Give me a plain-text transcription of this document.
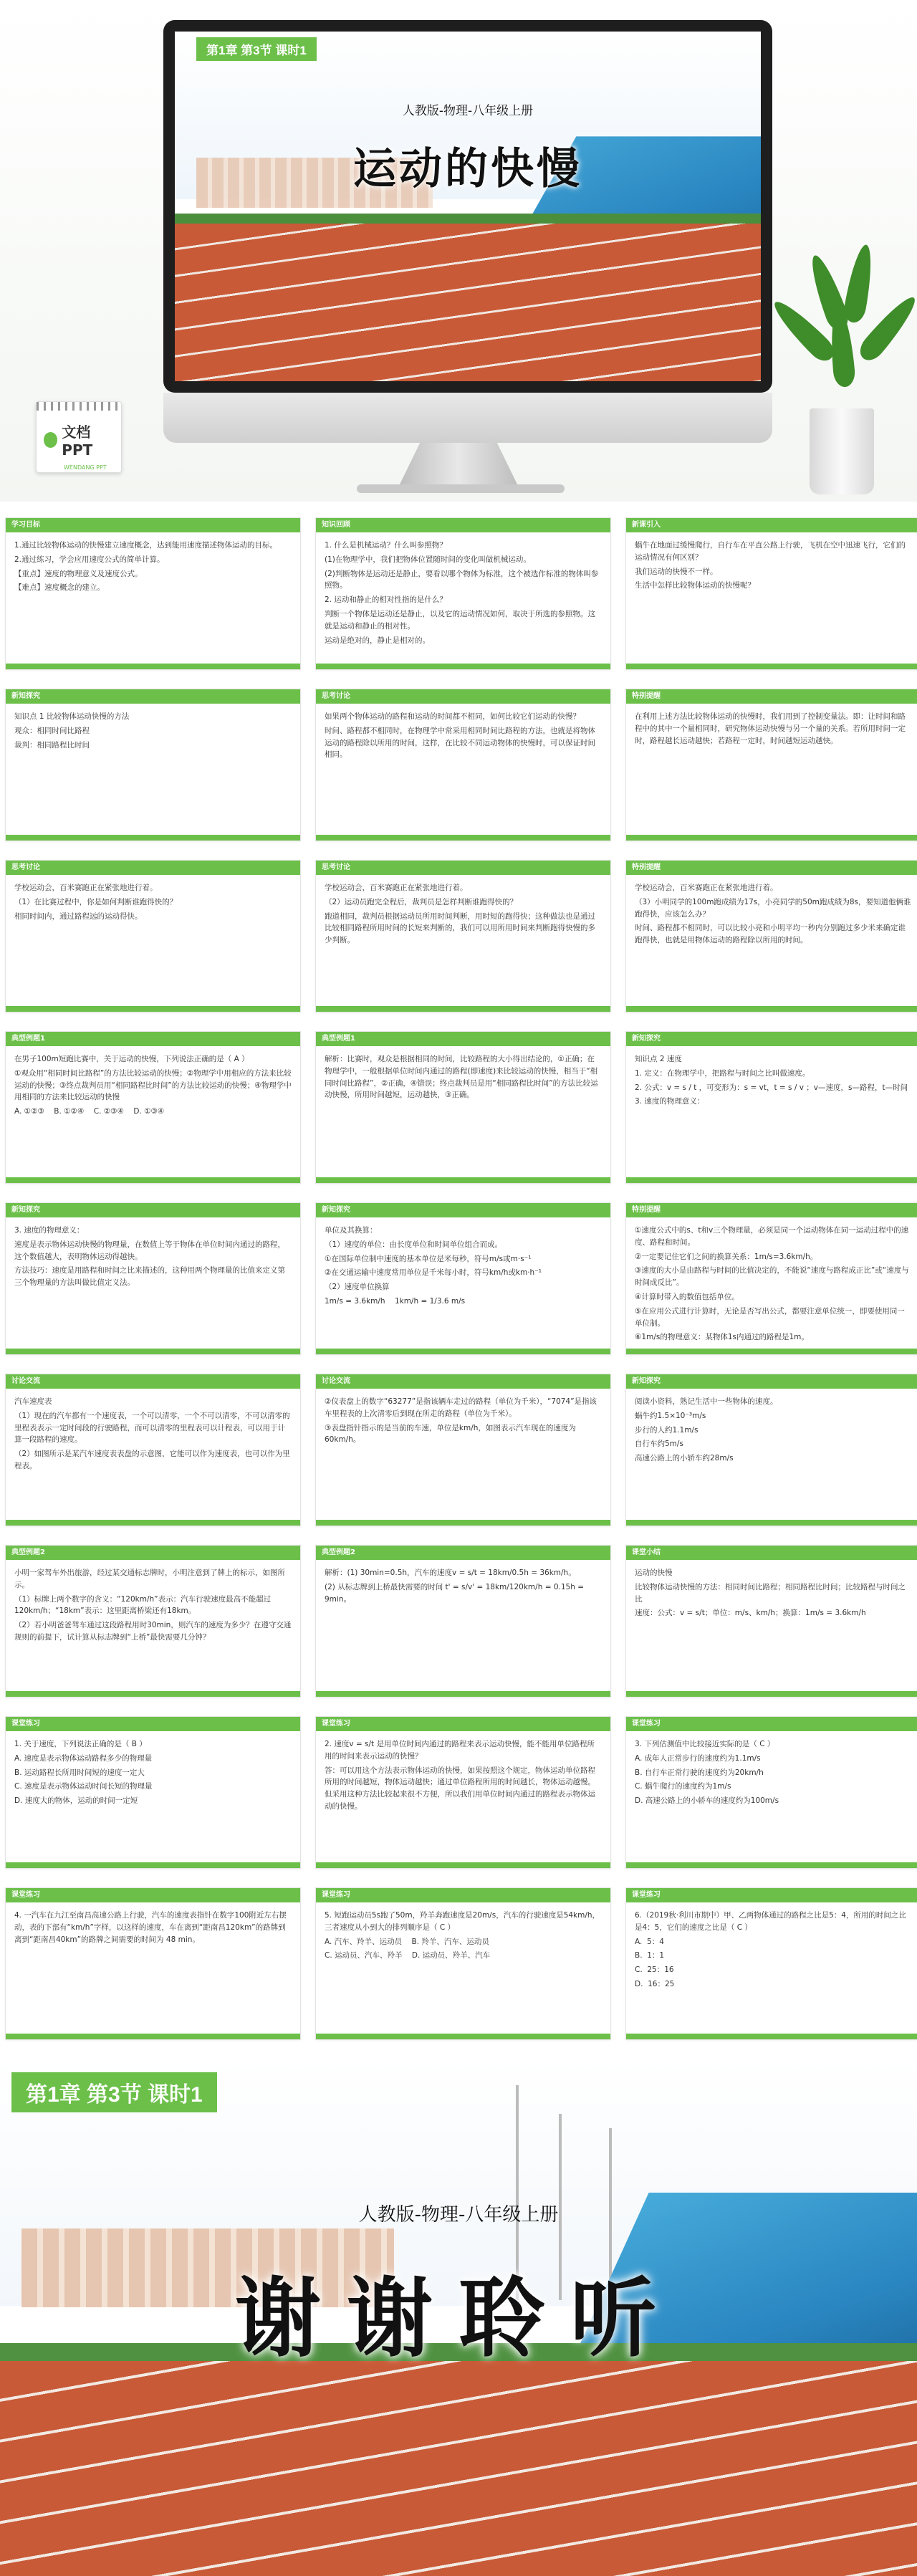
第1章 第3节 课时1
人教版-物理-八年级上册
运动的快慢
文档PPT
WENDANG PPT
学习目标

1.通过比较物体运动的快慢建立速度概念，达到能用速度描述物体运动的目标。

2.通过练习，学会应用速度公式的简单计算。

【重点】速度的物理意义及速度公式。

【难点】速度概念的建立。

知识回顾

1. 什么是机械运动？什么叫参照物？

(1)在物理学中，我们把物体位置随时间的变化叫做机械运动。

(2)判断物体是运动还是静止，要看以哪个物体为标准，这个被选作标准的物体叫参照物。

2. 运动和静止的相对性指的是什么？

判断一个物体是运动还是静止，以及它的运动情况如何，取决于所选的参照物。这就是运动和静止的相对性。

运动是绝对的，静止是相对的。

新课引入

蜗牛在地面过缓慢爬行，自行车在平直公路上行驶，飞机在空中迅速飞行，它们的运动情况有何区别？

我们运动的快慢不一样。

生活中怎样比较物体运动的快慢呢？

新知探究

知识点 1 比较物体运动快慢的方法

观众：相同时间比路程

裁判：相同路程比时间

思考讨论

如果两个物体运动的路程和运动的时间都不相同，如何比较它们运动的快慢？

时间、路程都不相同时，在物理学中常采用相同时间比路程的方法，也就是将物体运动的路程除以所用的时间，这样，在比较不同运动物体的快慢时，可以保证时间相同。

特别提醒

在利用上述方法比较物体运动的快慢时，我们用到了控制变量法。即：让时间和路程中的其中一个量相同时，研究物体运动快慢与另一个量的关系。若所用时间一定时，路程越长运动越快；若路程一定时，时间越短运动越快。

思考讨论

学校运动会，百米赛跑正在紧张地进行着。

（1）在比赛过程中，你是如何判断谁跑得快的？

相同时间内，通过路程远的运动得快。

思考讨论

学校运动会，百米赛跑正在紧张地进行着。

（2）运动员跑完全程后，裁判员是怎样判断谁跑得快的？

跑道相同，裁判员根据运动员所用时间判断，用时短的跑得快；这种做法也是通过比较相同路程所用时间的长短来判断的，我们可以用所用时间来判断跑得快慢的多少判断。

特别提醒

学校运动会，百米赛跑正在紧张地进行着。

（3）小明同学的100m跑成绩为17s，小亮同学的50m跑成绩为8s，要知道他俩谁跑得快，应该怎么办？

时间、路程都不相同时，可以比较小亮和小明平均一秒内分别跑过多少米来确定谁跑得快，也就是用物体运动的路程除以所用的时间。

典型例题1

在男子100m短跑比赛中，关于运动的快慢，下列说法正确的是（ A ）

①观众用“相同时间比路程”的方法比较运动的快慢；②物理学中用相应的方法来比较运动的快慢；③终点裁判员用“相同路程比时间”的方法比较运动的快慢；④物理学中用相同的方法来比较运动的快慢

A. ①②③    B. ①②④    C. ②③④    D. ①③④

典型例题1

解析：比赛时，观众是根据相同的时间，比较路程的大小得出结论的，①正确；在物理学中，一般根据单位时间内通过的路程(即速度)来比较运动的快慢，相当于“相同时间比路程”，②正确，④错误；终点裁判员是用“相同路程比时间”的方法比较运动快慢，所用时间越短，运动越快，③正确。

新知探究

知识点 2 速度

1. 定义：在物理学中，把路程与时间之比叫做速度。

2. 公式：v = s / t ，可变形为：s = vt，t = s / v ；v—速度，s—路程，t—时间

3. 速度的物理意义：

新知探究

3. 速度的物理意义：

速度是表示物体运动快慢的物理量，在数值上等于物体在单位时间内通过的路程，这个数值越大，表明物体运动得越快。

方法技巧：速度是用路程和时间之比来描述的，这种用两个物理量的比值来定义第三个物理量的方法叫做比值定义法。

新知探究

单位及其换算：

（1）速度的单位：由长度单位和时间单位组合而成。

①在国际单位制中速度的基本单位是米每秒，符号m/s或m·s⁻¹

②在交通运输中速度常用单位是千米每小时，符号km/h或km·h⁻¹

（2）速度单位换算

1m/s = 3.6km/h    1km/h = 1/3.6 m/s

特别提醒

①速度公式中的s、t和v三个物理量，必须是同一个运动物体在同一运动过程中的速度、路程和时间。

②一定要记住它们之间的换算关系：1m/s=3.6km/h。

③速度的大小是由路程与时间的比值决定的，不能说“速度与路程成正比”或“速度与时间成反比”。

④计算时带入的数值包括单位。

⑤在应用公式进行计算时，无论是否写出公式，都要注意单位统一，即要使用同一单位制。

⑥1m/s的物理意义：某物体1s内通过的路程是1m。

讨论交流

汽车速度表

（1）现在的汽车都有一个速度表，一个可以清零，一个不可以清零，不可以清零的里程表表示一定时间段的行驶路程，而可以清零的里程表可以计程表，可以用于计算一段路程的速度。

（2）如图所示是某汽车速度表表盘的示意图，它能可以作为速度表，也可以作为里程表。

讨论交流

②仪表盘上的数字“63277”是指该辆车走过的路程（单位为千米），“7074”是指该车里程表的上次清零后到现在所走的路程（单位为千米）。

③表盘指针指示的是当前的车速，单位是km/h，如图表示汽车现在的速度为60km/h。

新知探究

阅读小资料，熟记生活中一些物体的速度。

蜗牛约1.5×10⁻³m/s

步行的人约1.1m/s

自行车约5m/s

高速公路上的小轿车约28m/s

典型例题2

小明一家驾车外出旅游，经过某交通标志牌时，小明注意到了牌上的标示，如图所示。

（1）标牌上两个数字的含义：“120km/h”表示：汽车行驶速度最高不能超过120km/h；“18km”表示：这里距离桥梁还有18km。

（2）若小明爸爸驾车通过这段路程用时30min，则汽车的速度为多少？在遵守交通规则的前提下，试计算从标志牌到“上桥”最快需要几分钟？

典型例题2

解析：(1) 30min=0.5h，汽车的速度v = s/t = 18km/0.5h = 36km/h。

(2) 从标志牌到上桥最快需要的时间 t' = s/v' = 18km/120km/h = 0.15h = 9min。

课堂小结

运动的快慢

比较物体运动快慢的方法：相同时间比路程；相同路程比时间；比较路程与时间之比

速度：公式：v = s/t；单位：m/s、km/h；换算：1m/s = 3.6km/h

课堂练习

1. 关于速度，下列说法正确的是（ B ）

A. 速度是表示物体运动路程多少的物理量

B. 运动路程长所用时间短的速度一定大

C. 速度是表示物体运动时间长短的物理量

D. 速度大的物体，运动的时间一定短

课堂练习

2. 速度v = s/t 是用单位时间内通过的路程来表示运动快慢，能不能用单位路程所用的时间来表示运动的快慢？

答：可以用这个方法表示物体运动的快慢，如果按照这个规定，物体运动单位路程所用的时间越短，物体运动越快；通过单位路程所用的时间越长，物体运动越慢。但采用这种方法比较起来很不方便，所以我们用单位时间内通过的路程表示物体运动的快慢。

课堂练习

3. 下列估测值中比较接近实际的是（ C ）

A. 成年人正常步行的速度约为1.1m/s

B. 自行车正常行驶的速度约为20km/h

C. 蜗牛爬行的速度约为1m/s

D. 高速公路上的小轿车的速度约为100m/s

课堂练习

4. 一汽车在九江至南昌高速公路上行驶，汽车的速度表指针在数字100附近左右摆动，表的下部有“km/h”字样，以这样的速度，车在离到“距南昌120km”的路牌到离到“距南昌40km”的路牌之间需要的时间为 48 min。

课堂练习

5. 短跑运动员5s跑了50m，羚羊奔跑速度是20m/s，汽车的行驶速度是54km/h，三者速度从小到大的排列顺序是（ C ）

A. 汽车、羚羊、运动员    B. 羚羊、汽车、运动员

C. 运动员、汽车、羚羊    D. 运动员、羚羊、汽车

课堂练习

6.（2019秋·利川市期中）甲、乙两物体通过的路程之比是5：4，所用的时间之比是4：5，它们的速度之比是（ C ）

A.  5：4

B.  1：1

C.  25：16

D.  16：25

第1章 第3节 课时1
人教版-物理-八年级上册
谢谢聆听
